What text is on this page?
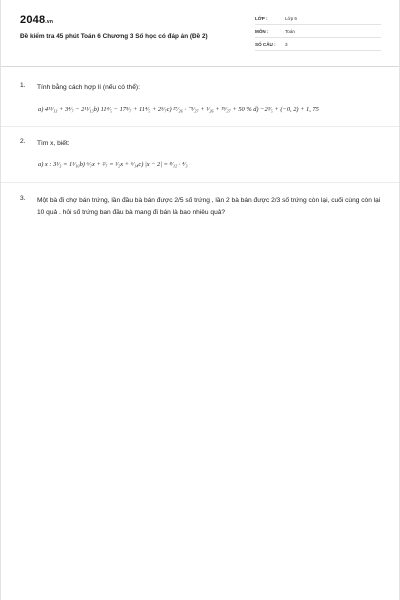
2048.vn
Đề kiểm tra 45 phút Toán 6 Chương 3 Số học có đáp án (Đề 2)
LỚP :	Lớp 6
MÔN :	Toán
SỐ CÂU : 3
1. Tính bằng cách hợp lí (nếu có thể):
a) 4¹¹⁄₁₃ + 3⁴⁄₇ − 2¹¹⁄₁₃b) 11⁴⁄₅ − 17⁵⁄₇ + 11⁴⁄₅ + 2⁵⁄₇c) ²⁷⁄₂₆ · ⁻⁵⁄₂₇ + ¹⁄₂₆ + ¹⁹⁄₂₇ + 50 % d) −2³⁄₅ + (−0, 2) + 1, 75
2. Tìm x, biết:
a) x : 3¹⁄₃ = 1¹⁄₁₀b) ⁶⁄₇x + ²⁄₇ = ¹⁄₂x + ⁶⁄₁₄c) |x − 2| = ⁸⁄₁₂ · ⁴⁄₃
3. Một bà đi chợ bán trứng, lần đầu bà bán được 2/5 số trứng , lần 2 bà bán được 2/3 số trứng còn lại, cuối cùng còn lại 10 quả . hỏi số trứng ban đầu bà mang đi bán là bao nhiêu quả?
